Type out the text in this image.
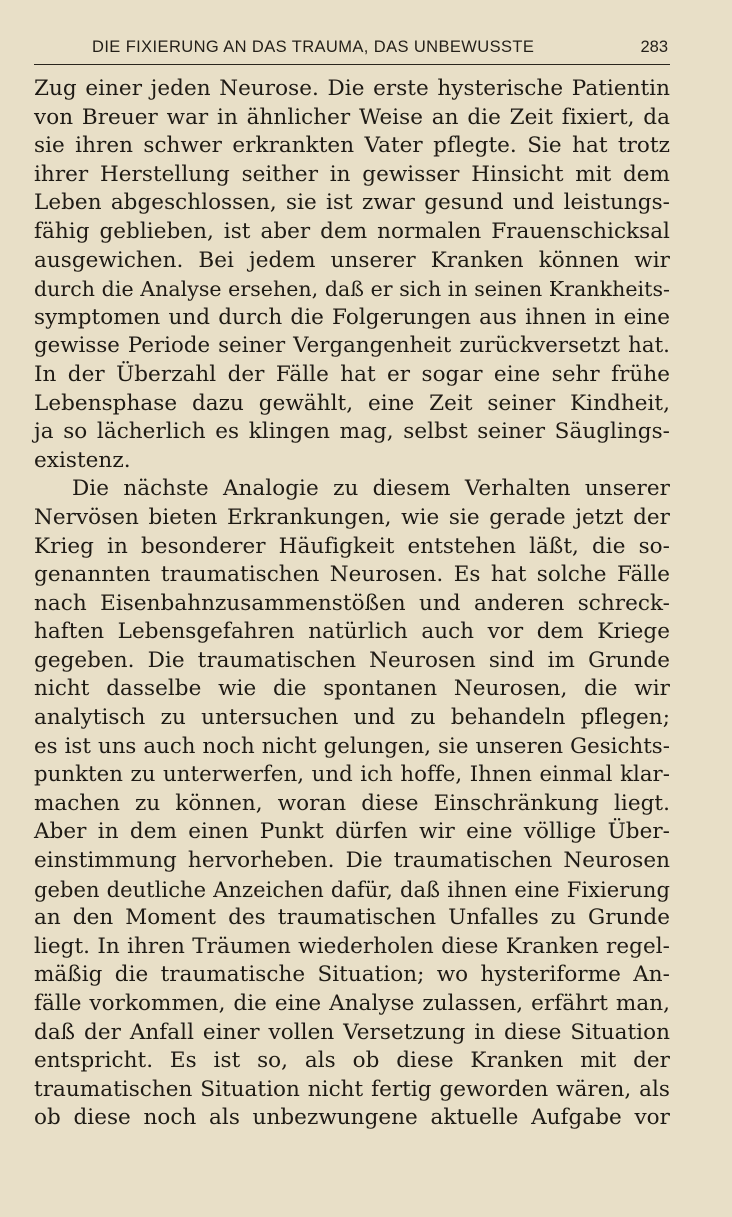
DIE FIXIERUNG AN DAS TRAUMA, DAS UNBEWUSSTE	283
Zug einer jeden Neurose. Die erste hysterische Patientin
von Breuer war in ähnlicher Weise an die Zeit fixiert, da
sie ihren schwer erkrankten Vater pflegte. Sie hat trotz
ihrer Herstellung seither in gewisser Hinsicht mit dem
Leben abgeschlossen, sie ist zwar gesund und leistungs-
fähig geblieben, ist aber dem normalen Frauenschicksal
ausgewichen. Bei jedem unserer Kranken können wir
durch die Analyse ersehen, daß er sich in seinen Krankheits-
symptomen und durch die Folgerungen aus ihnen in eine
gewisse Periode seiner Vergangenheit zurückversetzt hat.
In der Überzahl der Fälle hat er sogar eine sehr frühe
Lebensphase dazu gewählt, eine Zeit seiner Kindheit,
ja so lächerlich es klingen mag, selbst seiner Säuglings-
existenz.
Die nächste Analogie zu diesem Verhalten unserer
Nervösen bieten Erkrankungen, wie sie gerade jetzt der
Krieg in besonderer Häufigkeit entstehen läßt, die so-
genannten traumatischen Neurosen. Es hat solche Fälle
nach Eisenbahnzusammenstößen und anderen schreck-
haften Lebensgefahren natürlich auch vor dem Kriege
gegeben. Die traumatischen Neurosen sind im Grunde
nicht dasselbe wie die spontanen Neurosen, die wir
analytisch zu untersuchen und zu behandeln pflegen;
es ist uns auch noch nicht gelungen, sie unseren Gesichts-
punkten zu unterwerfen, und ich hoffe, Ihnen einmal klar-
machen zu können, woran diese Einschränkung liegt.
Aber in dem einen Punkt dürfen wir eine völlige Über-
einstimmung hervorheben. Die traumatischen Neurosen
geben deutliche Anzeichen dafür, daß ihnen eine Fixierung
an den Moment des traumatischen Unfalles zu Grunde
liegt. In ihren Träumen wiederholen diese Kranken regel-
mäßig die traumatische Situation; wo hysteriforme An-
fälle vorkommen, die eine Analyse zulassen, erfährt man,
daß der Anfall einer vollen Versetzung in diese Situation
entspricht. Es ist so, als ob diese Kranken mit der
traumatischen Situation nicht fertig geworden wären, als
ob diese noch als unbezwungene aktuelle Aufgabe vor
